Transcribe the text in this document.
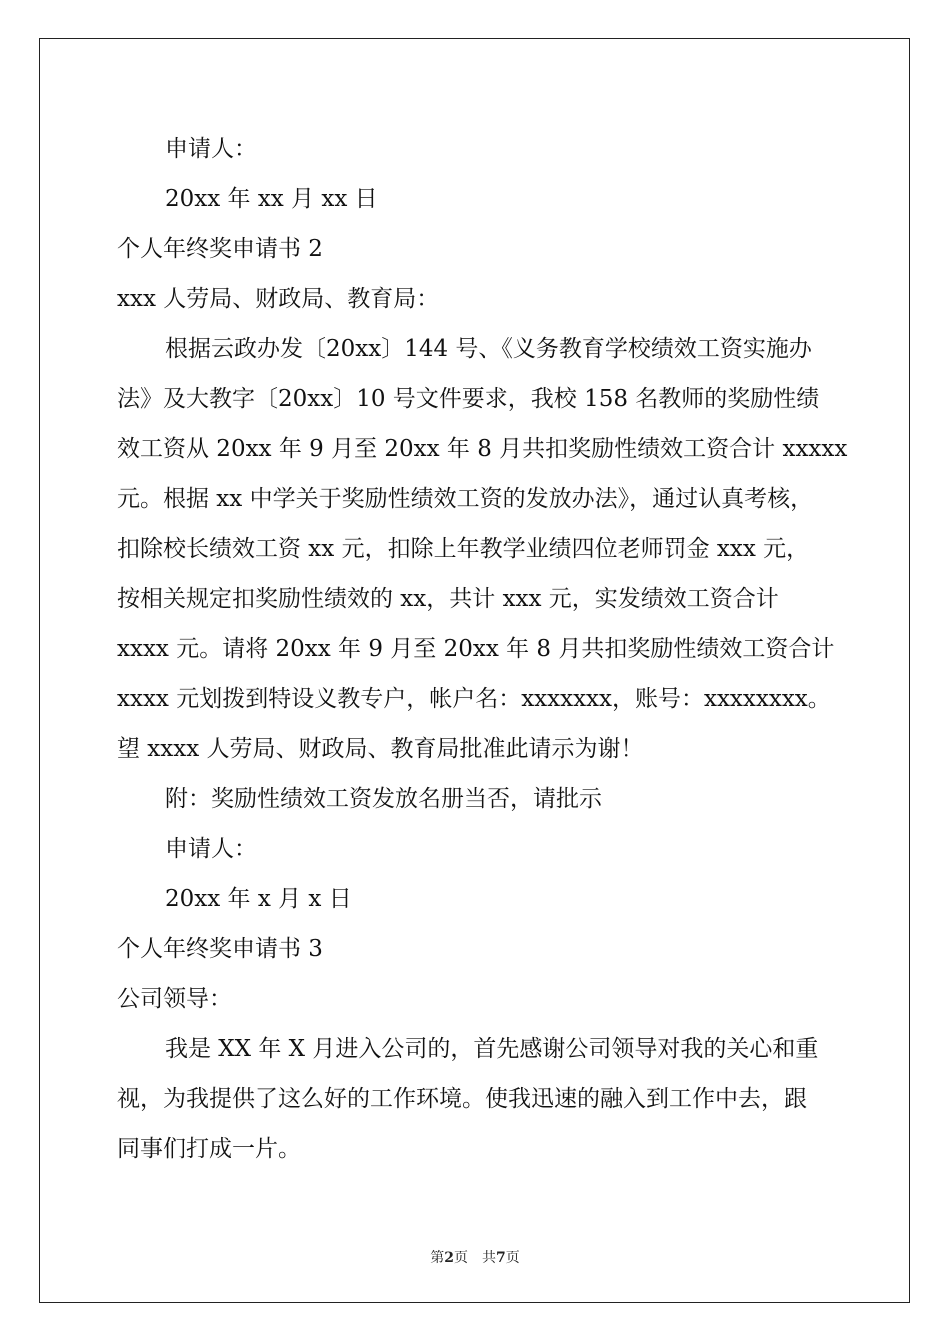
申请人：
20xx 年 xx 月 xx 日
个人年终奖申请书 2
xxx 人劳局、财政局、教育局：
根据云政办发〔20xx〕144 号、《义务教育学校绩效工资实施办
法》及大教字〔20xx〕10 号文件要求，我校 158 名教师的奖励性绩
效工资从 20xx 年 9 月至 20xx 年 8 月共扣奖励性绩效工资合计 xxxxx
元。根据 xx 中学关于奖励性绩效工资的发放办法》，通过认真考核，
扣除校长绩效工资 xx 元，扣除上年教学业绩四位老师罚金 xxx 元，
按相关规定扣奖励性绩效的 xx，共计 xxx 元，实发绩效工资合计
xxxx 元。请将 20xx 年 9 月至 20xx 年 8 月共扣奖励性绩效工资合计
xxxx 元划拨到特设义教专户，帐户名：xxxxxxx，账号：xxxxxxxx。
望 xxxx 人劳局、财政局、教育局批准此请示为谢！
附：奖励性绩效工资发放名册当否，请批示
申请人：
20xx 年 x 月 x 日
个人年终奖申请书 3
公司领导：
我是 XX 年 X 月进入公司的，首先感谢公司领导对我的关心和重
视，为我提供了这么好的工作环境。使我迅速的融入到工作中去，跟
同事们打成一片。
第2页　共7页
